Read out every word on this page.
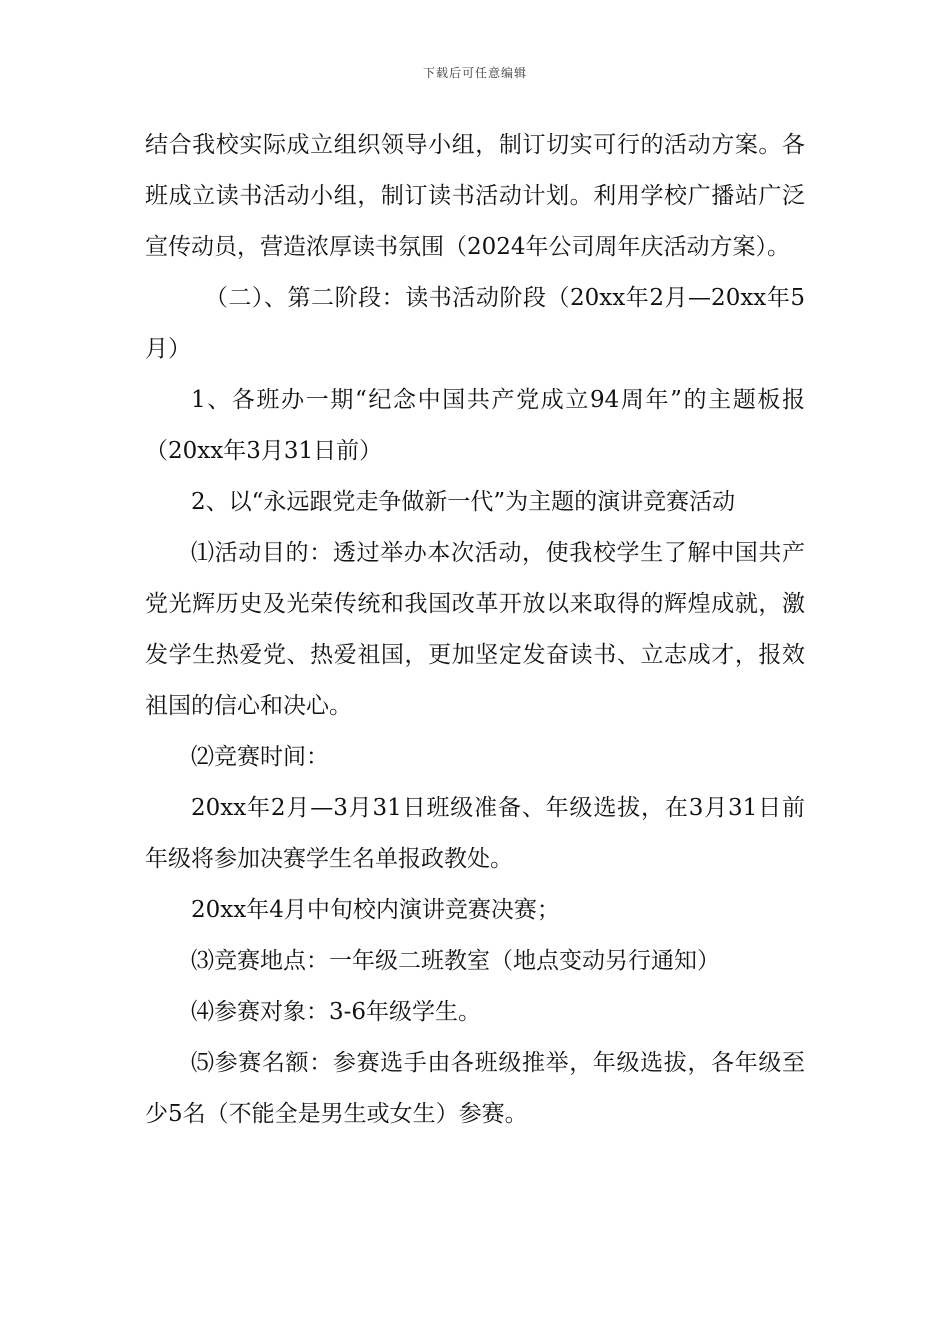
下载后可任意编辑

结合我校实际成立组织领导小组，制订切实可行的活动方案。各班成立读书活动小组，制订读书活动计划。利用学校广播站广泛宣传动员，营造浓厚读书氛围（2024年公司周年庆活动方案）。

（二）、第二阶段：读书活动阶段（20xx年2月—20xx年5月）

1、各班办一期“纪念中国共产党成立94周年”的主题板报（20xx年3月31日前）

2、以“永远跟党走争做新一代”为主题的演讲竞赛活动

⑴活动目的：透过举办本次活动，使我校学生了解中国共产党光辉历史及光荣传统和我国改革开放以来取得的辉煌成就，激发学生热爱党、热爱祖国，更加坚定发奋读书、立志成才，报效祖国的信心和决心。

⑵竞赛时间：

20xx年2月—3月31日班级准备、年级选拔，在3月31日前年级将参加决赛学生名单报政教处。

20xx年4月中旬校内演讲竞赛决赛；

⑶竞赛地点：一年级二班教室（地点变动另行通知）

⑷参赛对象：3-6年级学生。

⑸参赛名额：参赛选手由各班级推举，年级选拔，各年级至少5名（不能全是男生或女生）参赛。
